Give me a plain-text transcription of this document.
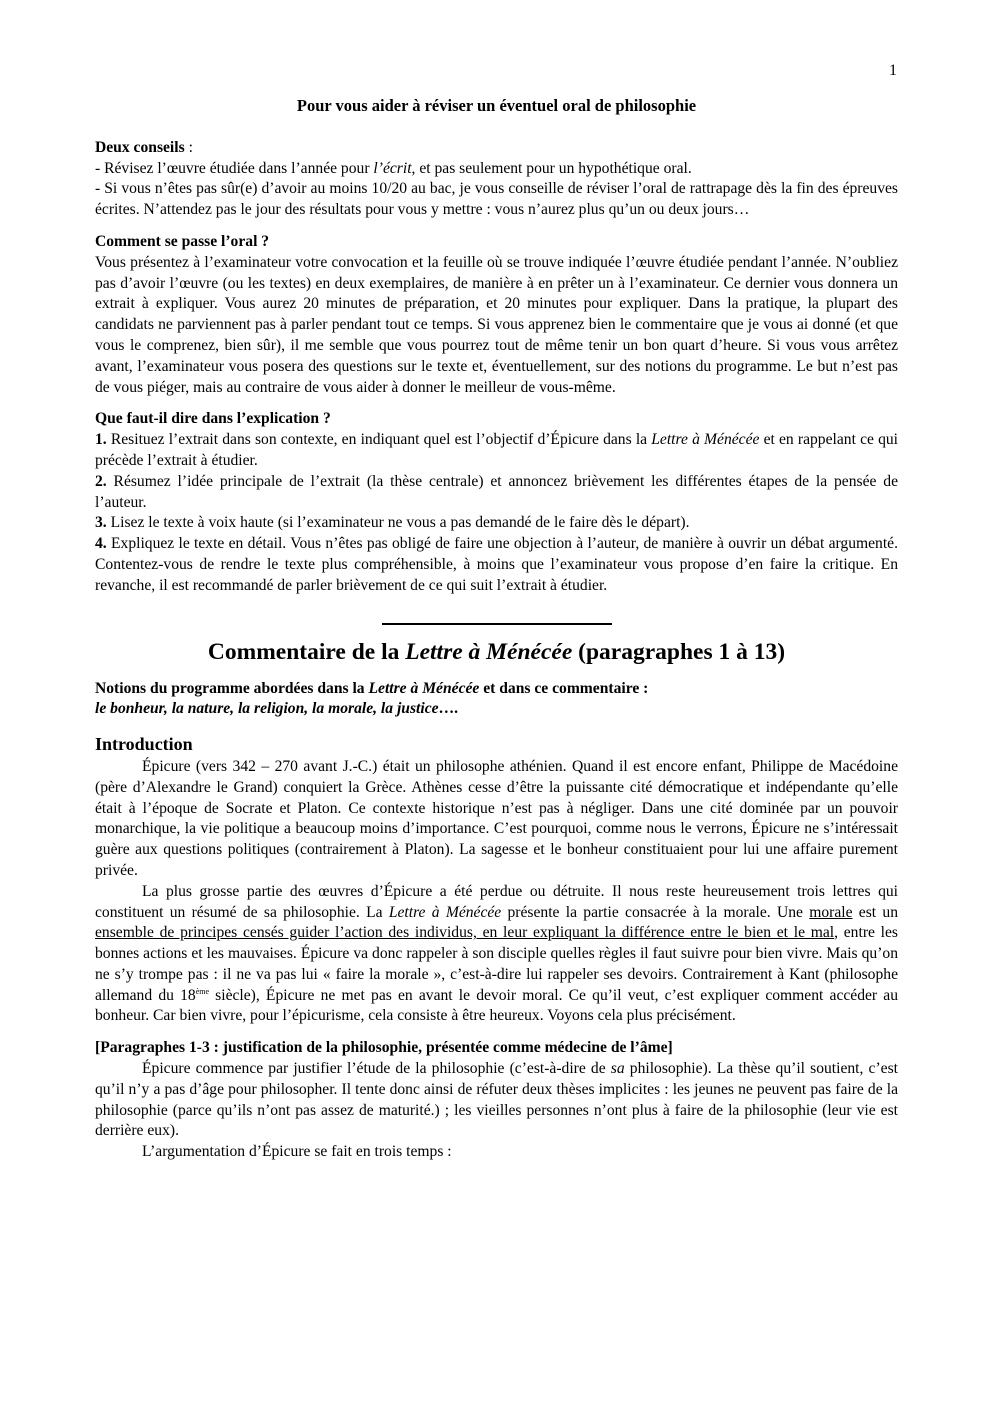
1
Pour vous aider à réviser un éventuel oral de philosophie
Deux conseils :
- Révisez l’œuvre étudiée dans l’année pour l’écrit, et pas seulement pour un hypothétique oral.
- Si vous n’êtes pas sûr(e) d’avoir au moins 10/20 au bac, je vous conseille de réviser l’oral de rattrapage dès la fin des épreuves écrites. N’attendez pas le jour des résultats pour vous y mettre : vous n’aurez plus qu’un ou deux jours…
Comment se passe l’oral ?
Vous présentez à l’examinateur votre convocation et la feuille où se trouve indiquée l’œuvre étudiée pendant l’année. N’oubliez pas d’avoir l’œuvre (ou les textes) en deux exemplaires, de manière à en prêter un à l’examinateur. Ce dernier vous donnera un extrait à expliquer. Vous aurez 20 minutes de préparation, et 20 minutes pour expliquer. Dans la pratique, la plupart des candidats ne parviennent pas à parler pendant tout ce temps. Si vous apprenez bien le commentaire que je vous ai donné (et que vous le comprenez, bien sûr), il me semble que vous pourrez tout de même tenir un bon quart d’heure. Si vous vous arrêtez avant, l’examinateur vous posera des questions sur le texte et, éventuellement, sur des notions du programme. Le but n’est pas de vous piéger, mais au contraire de vous aider à donner le meilleur de vous-même.
Que faut-il dire dans l’explication ?
1. Resituez l’extrait dans son contexte, en indiquant quel est l’objectif d’Épicure dans la Lettre à Ménécée et en rappelant ce qui précède l’extrait à étudier.
2. Résumez l’idée principale de l’extrait (la thèse centrale) et annoncez brièvement les différentes étapes de la pensée de l’auteur.
3. Lisez le texte à voix haute (si l’examinateur ne vous a pas demandé de le faire dès le départ).
4. Expliquez le texte en détail. Vous n’êtes pas obligé de faire une objection à l’auteur, de manière à ouvrir un débat argumenté. Contentez-vous de rendre le texte plus compréhensible, à moins que l’examinateur vous propose d’en faire la critique. En revanche, il est recommandé de parler brièvement de ce qui suit l’extrait à étudier.
Commentaire de la Lettre à Ménécée (paragraphes 1 à 13)
Notions du programme abordées dans la Lettre à Ménécée et dans ce commentaire :
le bonheur, la nature, la religion, la morale, la justice….
Introduction
Épicure (vers 342 – 270 avant J.-C.) était un philosophe athénien. Quand il est encore enfant, Philippe de Macédoine (père d’Alexandre le Grand) conquiert la Grèce. Athènes cesse d’être la puissante cité démocratique et indépendante qu’elle était à l’époque de Socrate et Platon. Ce contexte historique n’est pas à négliger. Dans une cité dominée par un pouvoir monarchique, la vie politique a beaucoup moins d’importance. C’est pourquoi, comme nous le verrons, Épicure ne s’intéressait guère aux questions politiques (contrairement à Platon). La sagesse et le bonheur constituaient pour lui une affaire purement privée.
La plus grosse partie des œuvres d’Épicure a été perdue ou détruite. Il nous reste heureusement trois lettres qui constituent un résumé de sa philosophie. La Lettre à Ménécée présente la partie consacrée à la morale. Une morale est un ensemble de principes censés guider l’action des individus, en leur expliquant la différence entre le bien et le mal, entre les bonnes actions et les mauvaises. Épicure va donc rappeler à son disciple quelles règles il faut suivre pour bien vivre. Mais qu’on ne s’y trompe pas : il ne va pas lui « faire la morale », c’est-à-dire lui rappeler ses devoirs. Contrairement à Kant (philosophe allemand du 18ème siècle), Épicure ne met pas en avant le devoir moral. Ce qu’il veut, c’est expliquer comment accéder au bonheur. Car bien vivre, pour l’épicurisme, cela consiste à être heureux. Voyons cela plus précisément.
[Paragraphes 1-3 : justification de la philosophie, présentée comme médecine de l’âme]
Épicure commence par justifier l’étude de la philosophie (c’est-à-dire de sa philosophie). La thèse qu’il soutient, c’est qu’il n’y a pas d’âge pour philosopher. Il tente donc ainsi de réfuter deux thèses implicites : les jeunes ne peuvent pas faire de la philosophie (parce qu’ils n’ont pas assez de maturité.) ; les vieilles personnes n’ont plus à faire de la philosophie (leur vie est derrière eux).
L’argumentation d’Épicure se fait en trois temps :
